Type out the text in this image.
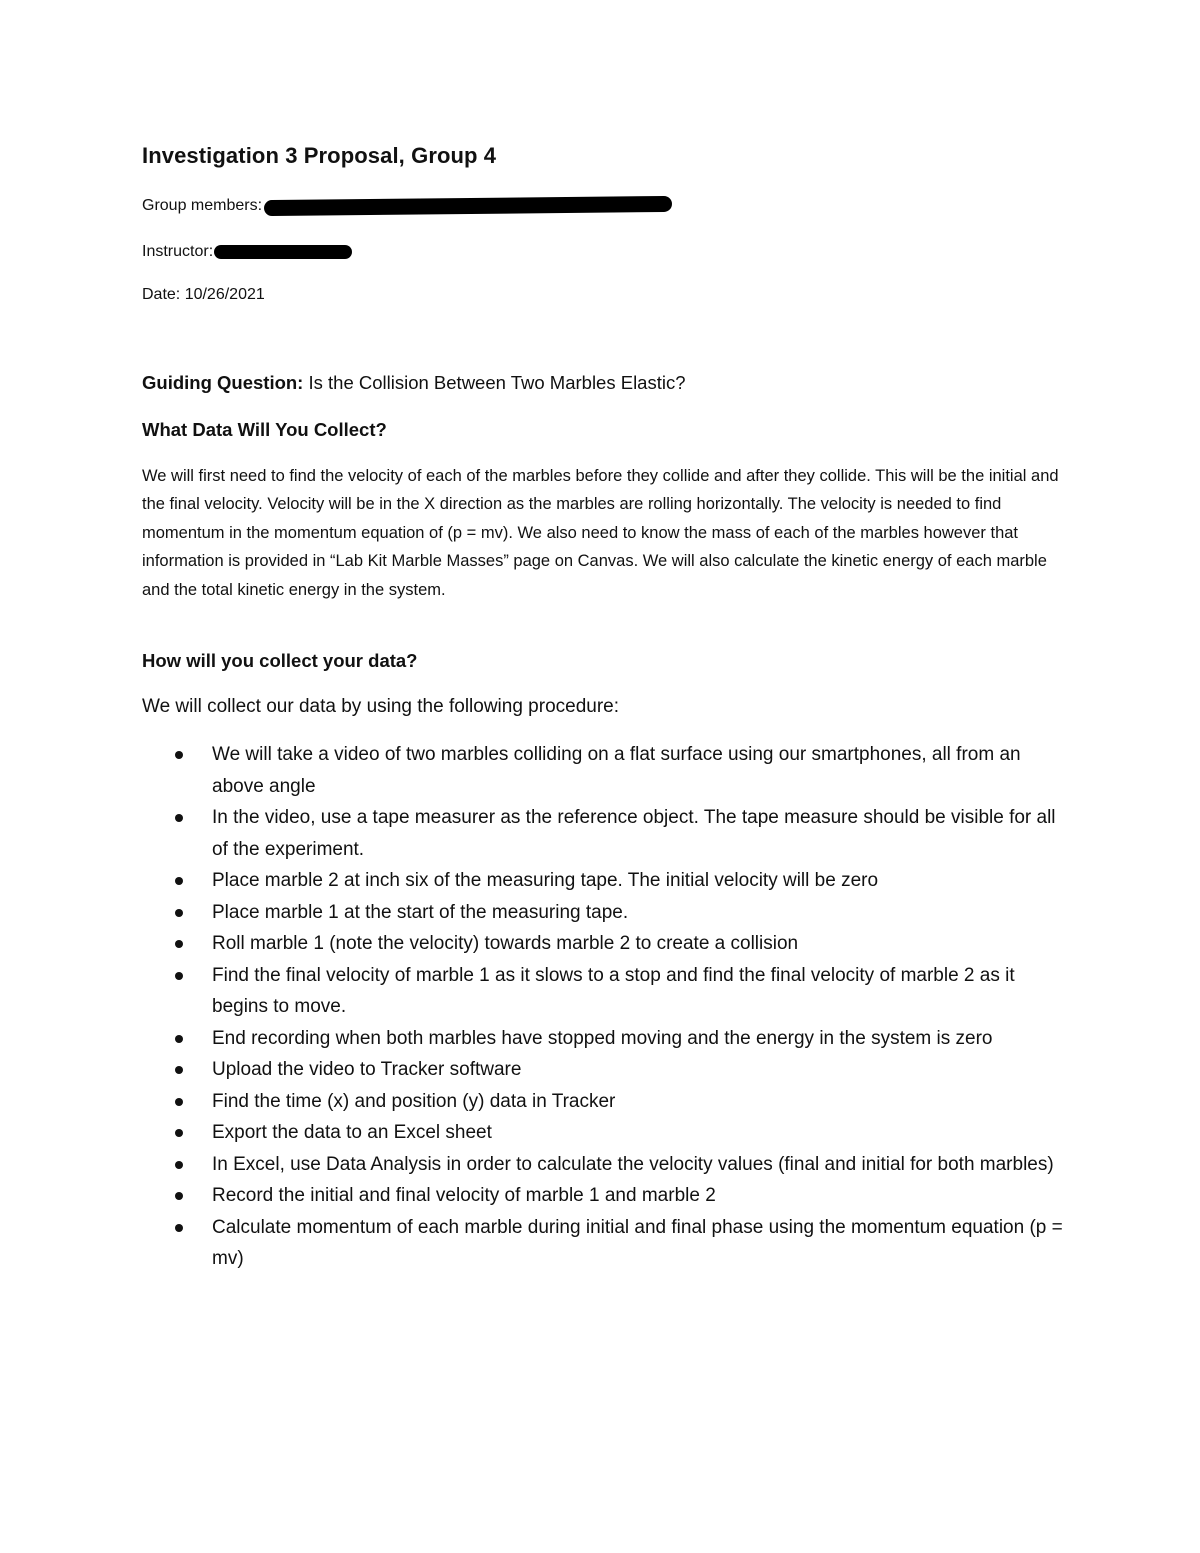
Investigation 3 Proposal, Group 4
Group members:
Instructor:
Date: 10/26/2021
Guiding Question: Is the Collision Between Two Marbles Elastic?
What Data Will You Collect?
We will first need to find the velocity of each of the marbles before they collide and after they collide. This will be the initial and the final velocity. Velocity will be in the X direction as the marbles are rolling horizontally. The velocity is needed to find momentum in the momentum equation of (p = mv). We also need to know the mass of each of the marbles however that information is provided in “Lab Kit Marble Masses” page on Canvas. We will also calculate the kinetic energy of each marble and the total kinetic energy in the system.
How will you collect your data?
We will collect our data by using the following procedure:
We will take a video of two marbles colliding on a flat surface using our smartphones, all from an above angle
In the video, use a tape measurer as the reference object. The tape measure should be visible for all of the experiment.
Place marble 2 at inch six of the measuring tape. The initial velocity will be zero
Place marble 1 at the start of the measuring tape.
Roll marble 1 (note the velocity) towards marble 2 to create a collision
Find the final velocity of marble 1 as it slows to a stop and find the final velocity of marble 2 as it begins to move.
End recording when both marbles have stopped moving and the energy in the system is zero
Upload the video to Tracker software
Find the time (x) and position (y) data in Tracker
Export the data to an Excel sheet
In Excel, use Data Analysis in order to calculate the velocity values (final and initial for both marbles)
Record the initial and final velocity of marble 1 and marble 2
Calculate momentum of each marble during initial and final phase using the momentum equation (p = mv)
